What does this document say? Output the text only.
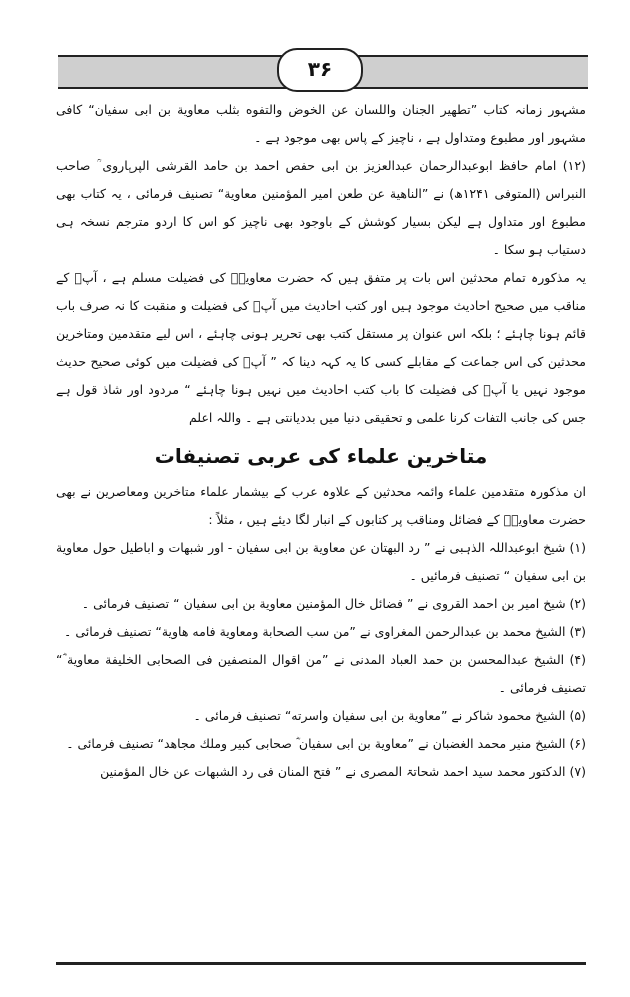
۳۶

مشہور زمانہ کتاب ”تطهير الجنان واللسان عن الخوض والتفوه بثلب معاوية بن ابى سفيان“ کافی مشہور اور مطبوع ومتداول ہے ، ناچیز کے پاس بھی موجود ہے ۔

(۱۲) امام حافظ ابوعبدالرحمان عبدالعزیز بن ابی حفص احمد بن حامد القرشی الپرہاروی ؒ صاحب النبراس (المتوفی ۱۲۴۱ھ) نے ”الناهية عن طعن امير المؤمنين معاوية“ تصنیف فرمائی ، یہ کتاب بھی مطبوع اور متداول ہے لیکن بسیار کوشش کے باوجود بھی ناچیز کو اس کا اردو مترجم نسخہ ہی دستیاب ہو سکا ۔

یہ مذکورہ تمام محدثین اس بات پر متفق ہیں کہ حضرت معاویہؓ کی فضیلت مسلم ہے ، آپؓ کے مناقب میں صحیح احادیث موجود ہیں اور کتب احادیث میں آپؓ کی فضیلت و منقبت کا نہ صرف باب قائم ہونا چاہئے ؛ بلکہ اس عنوان پر مستقل کتب بھی تحریر ہونی چاہئے ، اس لیے متقدمین ومتاخرین محدثین کی اس جماعت کے مقابلے کسی کا یہ کہہ دینا کہ ” آپؓ کی فضیلت میں کوئی صحیح حدیث موجود نہیں یا آپؓ کی فضیلت کا باب کتب احادیث میں نہیں ہونا چاہئے “ مردود اور شاذ قول ہے جس کی جانب التفات کرنا علمی و تحقیقی دنیا میں بددیانتی ہے ۔ واللہ اعلم

متاخرین علماء کی عربی تصنیفات

ان مذکورہ متقدمین علماء وائمہ محدثین کے علاوہ عرب کے بیشمار علماء متاخرین ومعاصرین نے بھی حضرت معاویہؓ کے فضائل ومناقب پر کتابوں کے انبار لگا دیئے ہیں ، مثلاً :

(۱) شیخ ابوعبداللہ الذہبی نے ” رد البهتان عن معاوية بن ابى سفيان - اور شبهات و اباطيل حول معاوية بن ابى سفيان “ تصنیف فرمائیں ۔

(۲) شیخ امیر بن احمد القروی نے ” فضائل خال المؤمنين معاوية بن ابى سفيان “ تصنیف فرمائی ۔

(۳) الشیخ محمد بن عبدالرحمن المغراوی نے ”من سب الصحابة ومعاوية فامه هاوية“ تصنیف فرمائی ۔

(۴) الشیخ عبدالمحسن بن حمد العباد المدنی نے ”من اقوال المنصفين فى الصحابى الخليفة معاوية ؓ“ تصنیف فرمائی ۔

(۵) الشیخ محمود شاکر نے ”معاوية بن ابى سفيان واسرته“ تصنیف فرمائی ۔

(۶) الشیخ منیر محمد الغضبان نے ”معاوية بن ابى سفيان ؓ صحابى كبير وملك مجاهد“ تصنیف فرمائی ۔

(۷) الدکتور محمد سید احمد شحاتۃ المصری نے ” فتح المنان فى رد الشبهات عن خال المؤمنين
